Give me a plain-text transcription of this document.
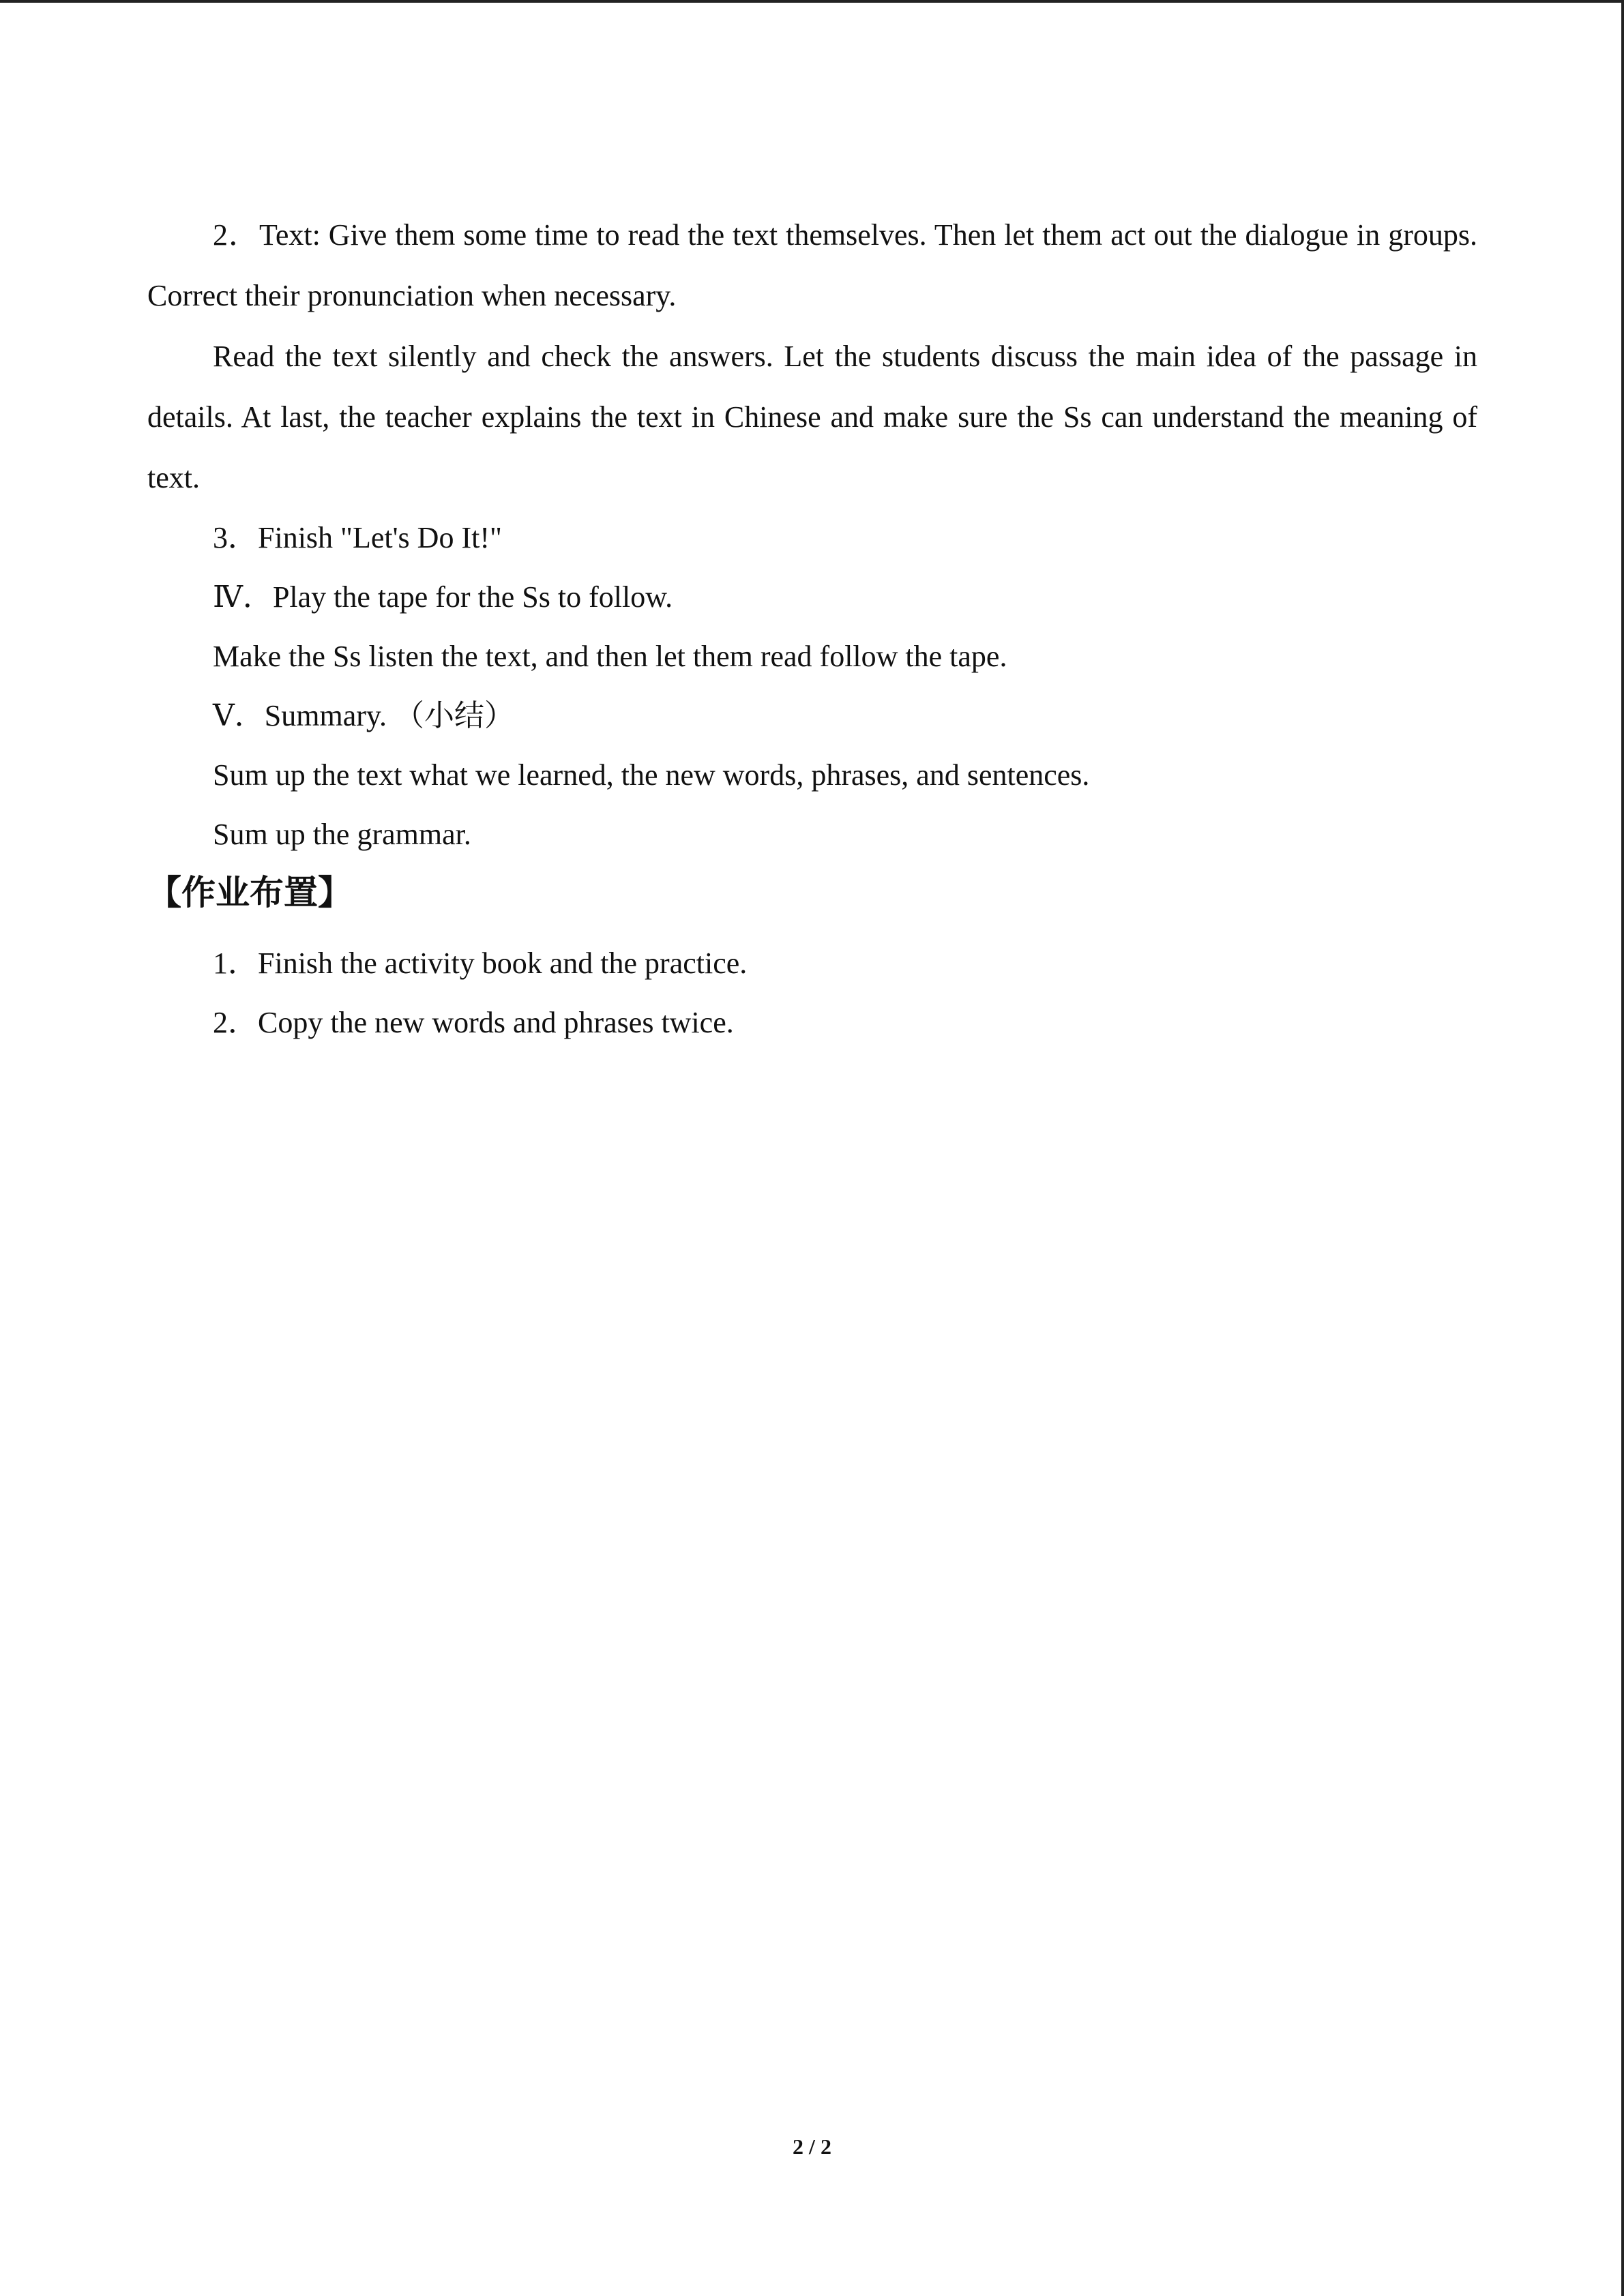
2．Text: Give them some time to read the text themselves. Then let them act out the dialogue in groups. Correct their pronunciation when necessary.

Read the text silently and check the answers. Let the students discuss the main idea of the passage in details. At last, the teacher explains the text in Chinese and make sure the Ss can understand the meaning of text.

3．Finish "Let's Do It!"

Ⅳ．Play the tape for the Ss to follow.

Make the Ss listen the text, and then let them read follow the tape.

Ⅴ．Summary. （小结）

Sum up the text what we learned, the new words, phrases, and sentences.

Sum up the grammar.

【作业布置】

1．Finish the activity book and the practice.

2．Copy the new words and phrases twice.

2 / 2
